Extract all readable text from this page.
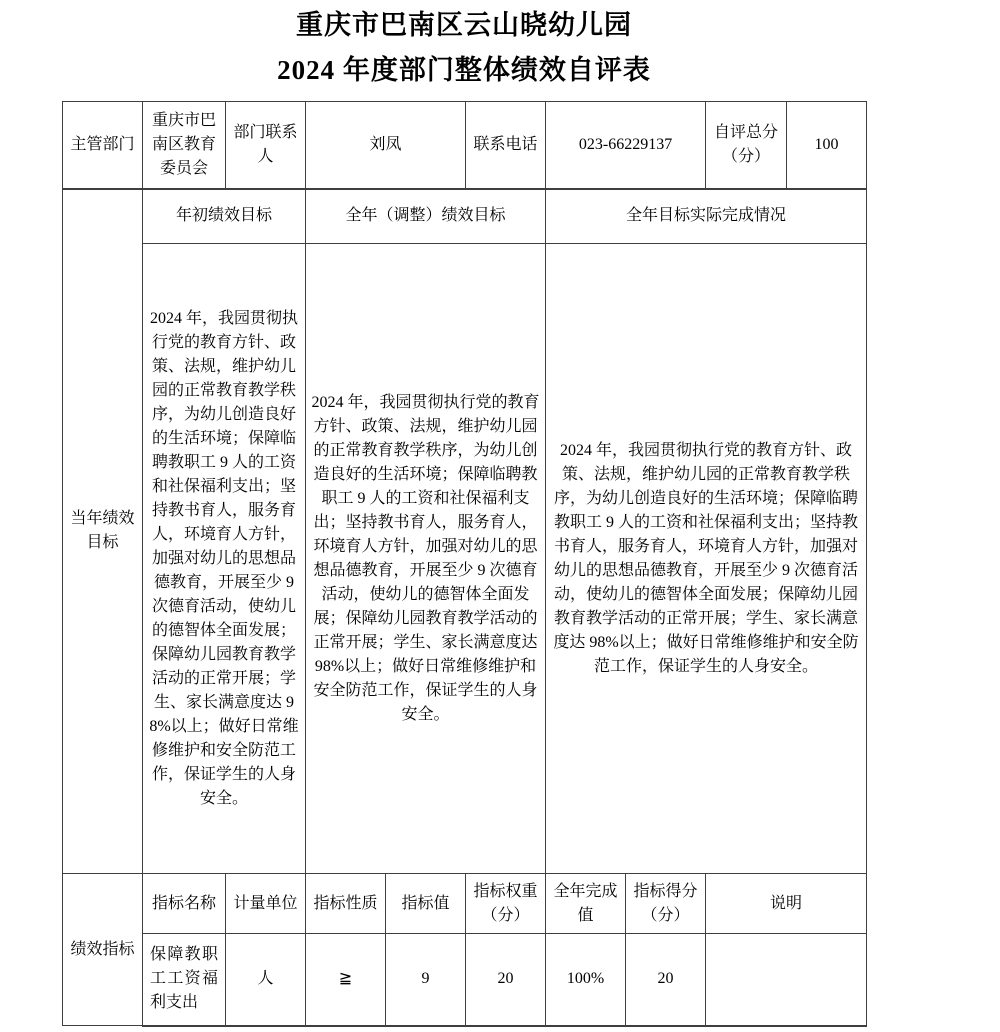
重庆市巴南区云山晓幼儿园
2024 年度部门整体绩效自评表
主管部门	重庆市巴南区教育委员会	部门联系人	刘凤		联系电话	023-66229137		自评总分（分）	100
当年绩效目标	年初绩效目标		全年（调整）绩效目标			全年目标实际完成情况			
	2024 年，我园贯彻执行党的教育方针、政策、法规，维护幼儿园的正常教育教学秩序，为幼儿创造良好的生活环境；保障临聘教职工 9 人的工资和社保福利支出；坚持教书育人，服务育人，环境育人方针，加强对幼儿的思想品德教育，开展至少 9 次德育活动，使幼儿的德智体全面发展；保障幼儿园教育教学活动的正常开展；学生、家长满意度达 98%以上；做好日常维修维护和安全防范工作，保证学生的人身安全。		2024 年，我园贯彻执行党的教育方针、政策、法规，维护幼儿园的正常教育教学秩序，为幼儿创造良好的生活环境；保障临聘教职工 9 人的工资和社保福利支出；坚持教书育人，服务育人，环境育人方针，加强对幼儿的思想品德教育，开展至少 9 次德育活动，使幼儿的德智体全面发展；保障幼儿园教育教学活动的正常开展；学生、家长满意度达 98%以上；做好日常维修维护和安全防范工作，保证学生的人身安全。			2024 年，我园贯彻执行党的教育方针、政策、法规，维护幼儿园的正常教育教学秩序，为幼儿创造良好的生活环境；保障临聘教职工 9 人的工资和社保福利支出；坚持教书育人，服务育人，环境育人方针，加强对幼儿的思想品德教育，开展至少 9 次德育活动，使幼儿的德智体全面发展；保障幼儿园教育教学活动的正常开展；学生、家长满意度达 98%以上；做好日常维修维护和安全防范工作，保证学生的人身安全。			
绩效指标	指标名称	计量单位	指标性质	指标值	指标权重（分）	全年完成值	指标得分（分）	说明	
	保障教职工工资福利支出	人	≧	9	20	100%	20		
